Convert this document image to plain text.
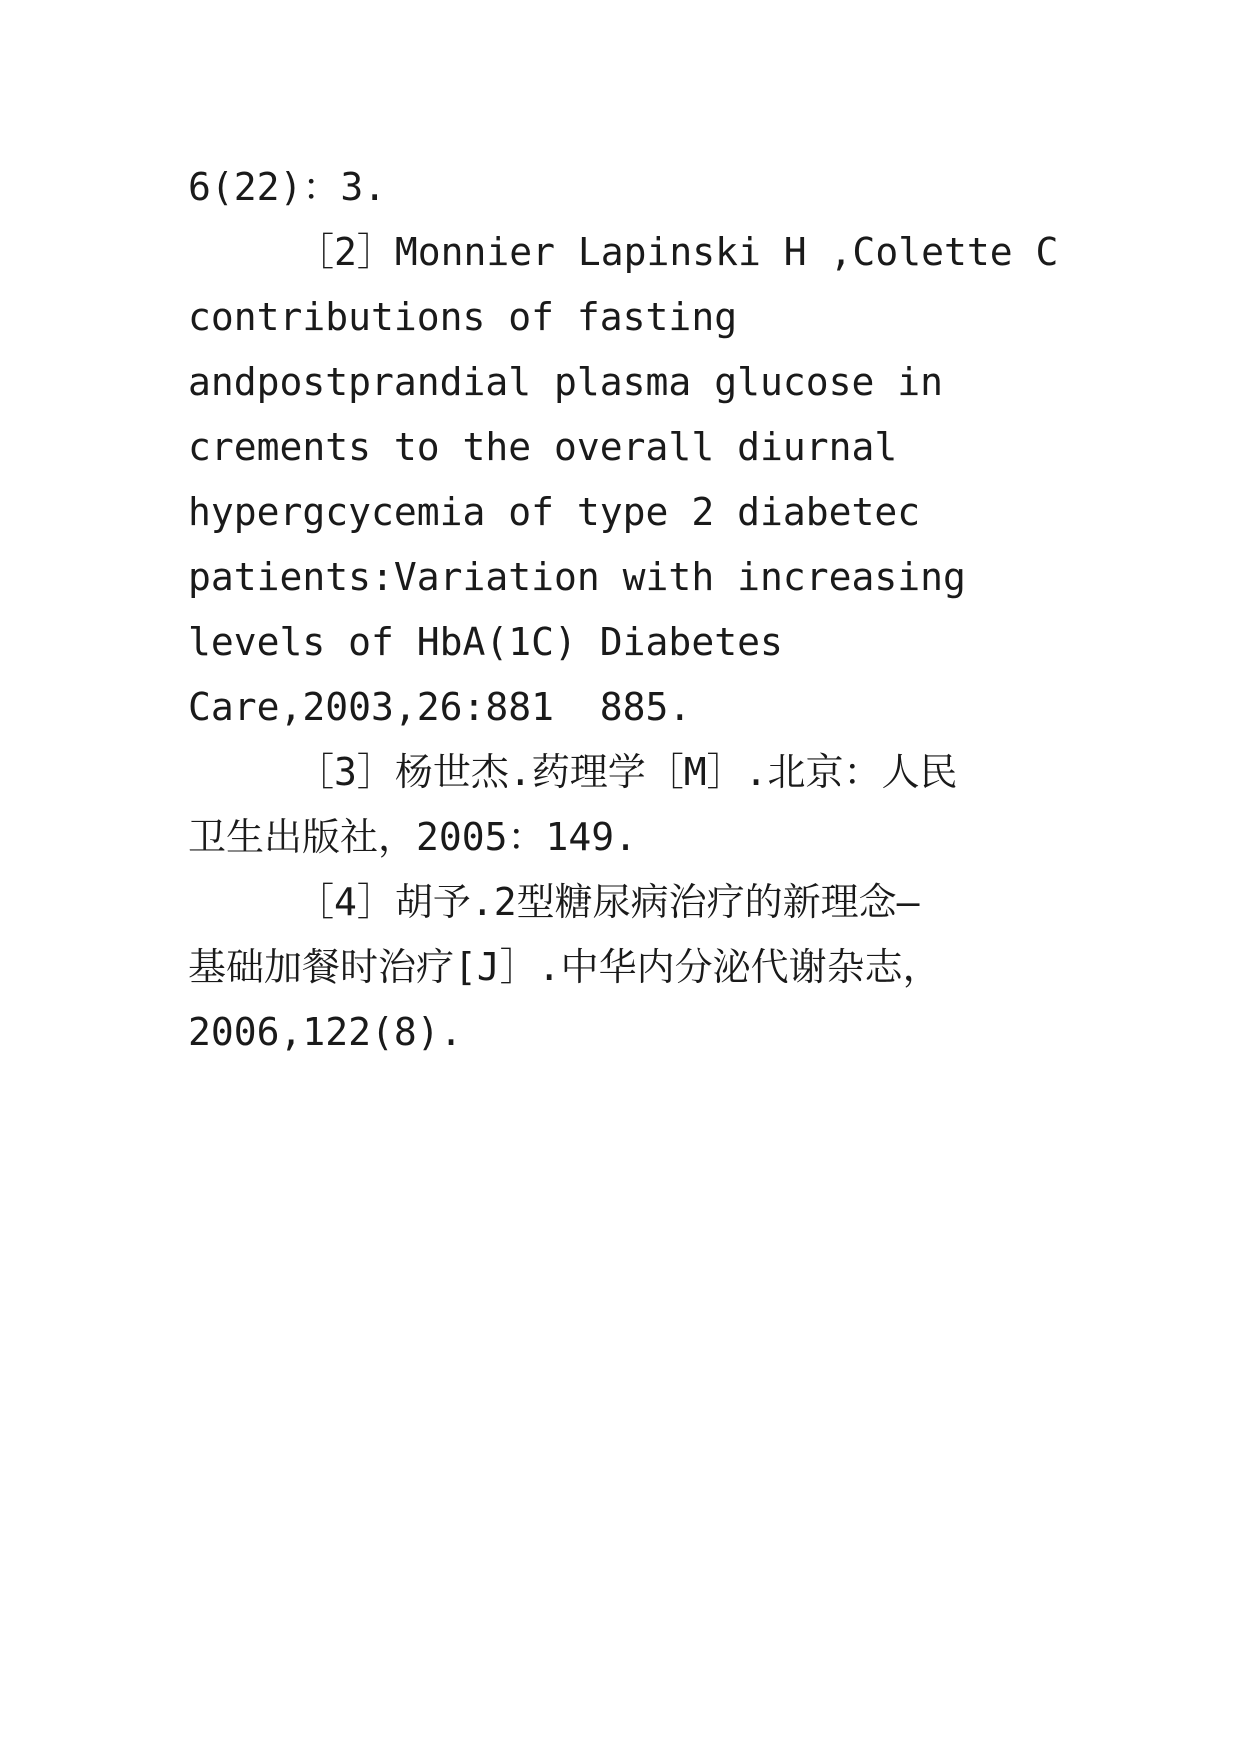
6(22)：3.
［2］Monnier Lapinski H ,Colette C
contributions of fasting
andpostprandial plasma glucose in
crements to the overall diurnal
hypergcycemia of type 2 diabetec
patients:Variation with increasing
levels of HbA(1C) Diabetes
Care,2003,26:881  885.
［3］杨世杰.药理学［M］.北京：人民
卫生出版社，2005：149.
［4］胡予.2型糖尿病治疗的新理念—
基础加餐时治疗[J］.中华内分泌代谢杂志，
2006,122(8).
